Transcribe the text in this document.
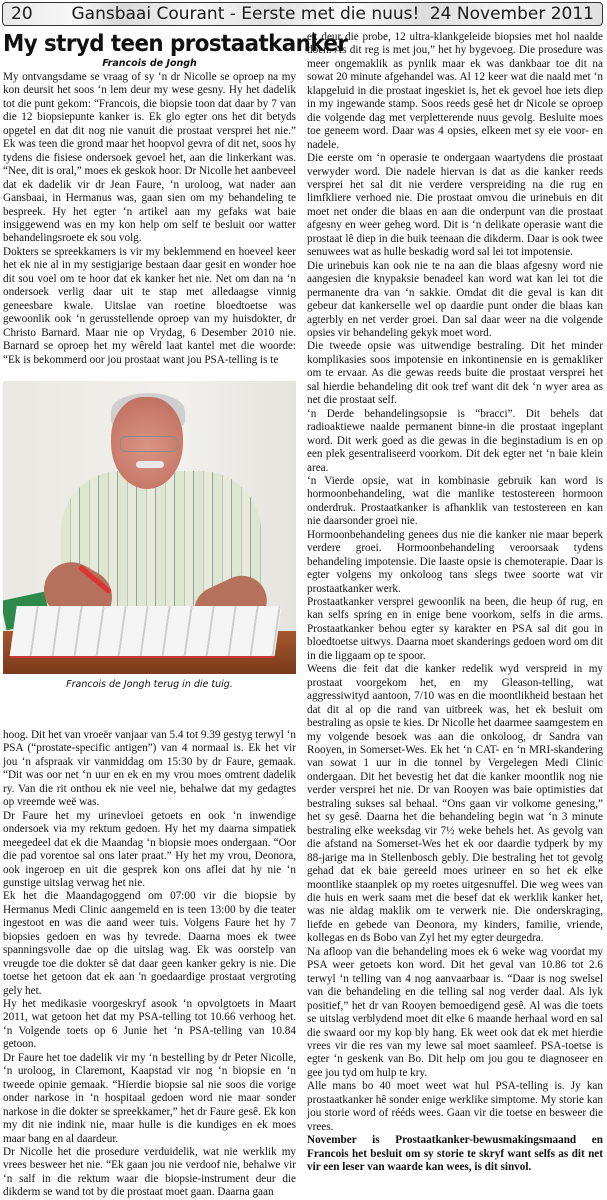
20	Gansbaai Courant - Eerste met die nuus! 24 November 2011
My stryd teen prostaatkanker
Francois de Jongh

My ontvangsdame se vraag of sy ‘n dr Nicolle se oproep na my kon deursit het soos ‘n lem deur my wese gesny. Hy het dadelik tot die punt gekom: “Francois, die biopsie toon dat daar by 7 van die 12 biopsiepunte kanker is. Ek glo egter ons het dit betyds opgetel en dat dit nog nie vanuit die prostaat versprei het nie.” Ek was teen die grond maar het hoopvol gevra of dit net, soos hy tydens die fisiese ondersoek gevoel het, aan die linkerkant was. “Nee, dit is oral,” moes ek geskok hoor. Dr Nicolle het aanbeveel dat ek dadelik vir dr Jean Faure, ‘n uroloog, wat nader aan Gansbaai, in Hermanus was, gaan sien om my behandeling te bespreek. Hy het egter ‘n artikel aan my gefaks wat baie insiggewend was en my kon help om self te besluit oor watter behandelingsroete ek sou volg.

Dokters se spreekkamers is vir my beklemmend en hoeveel keer het ek nie al in my sestigjarige bestaan daar gesit en wonder hoe dit sou voel om te hoor dat ek kanker het nie. Net om dan na ‘n ondersoek verlig daar uit te stap met alledaagse vinnig geneesbare kwale. Uitslae van roetine bloedtoetse was gewoonlik ook ‘n gerusstellende oproep van my huisdokter, dr Christo Barnard. Maar nie op Vrydag, 6 Desember 2010 nie. Barnard se oproep het my wêreld laat kantel met die woorde: “Ek is bekommerd oor jou prostaat want jou PSA-telling is te

Francois de Jongh terug in die tuig.

hoog. Dit het van vroeër vanjaar van 5.4 tot 9.39 gestyg terwyl ‘n PSA (“prostate-specific antigen”) van 4 normaal is. Ek het vir jou ‘n afspraak vir vanmiddag om 15:30 by dr Faure, gemaak. “Dit was oor net ‘n uur en ek en my vrou moes omtrent dadelik ry. Van die rit onthou ek nie veel nie, behalwe dat my gedagtes op vreemde weë was.

Dr Faure het my urinevloei getoets en ook ‘n inwendige ondersoek via my rektum gedoen. Hy het my daarna simpatiek meegedeel dat ek die Maandag ‘n biopsie moes ondergaan. “Oor die pad vorentoe sal ons later praat.” Hy het my vrou, Deonora, ook ingeroep en uit die gesprek kon ons aflei dat hy nie ‘n gunstige uitslag verwag het nie.

Ek het die Maandagoggend om 07:00 vir die biopsie by Hermanus Medi Clinic aangemeld en is teen 13:00 by die teater ingestoot en was die aand weer tuis. Volgens Faure het hy 7 biopsies gedoen en was hy tevrede. Daarna moes ek twee spanningsvolle dae op die uitslag wag. Ek was oorstelp van vreugde toe die dokter sê dat daar geen kanker gekry is nie. Die toetse het getoon dat ek aan 'n goedaardige prostaat vergroting gely het.

Hy het medikasie voorgeskryf asook ‘n opvolgtoets in Maart 2011, wat getoon het dat my PSA-telling tot 10.66 verhoog het. ‘n Volgende toets op 6 Junie het ‘n PSA-telling van 10.84 getoon.

Dr Faure het toe dadelik vir my ‘n bestelling by dr Peter Nicolle, ‘n uroloog, in Claremont, Kaapstad vir nog ‘n biopsie en ‘n tweede opinie gemaak. “Hierdie biopsie sal nie soos die vorige onder narkose in ‘n hospitaal gedoen word nie maar sonder narkose in die dokter se spreekkamer,” het dr Faure gesê. Ek kon my dit nie indink nie, maar hulle is die kundiges en ek moes maar bang en al daardeur.

Dr Nicolle het die prosedure verduidelik, wat nie werklik my vrees besweer het nie. “Ek gaan jou nie verdoof nie, behalwe vir ‘n salf in die rektum waar die biopsie-instrument deur die dikderm se wand tot by die prostaat moet gaan. Daarna gaan

ek deur die probe, 12 ultra-klankgeleide biopsies met hol naalde doen. As dit reg is met jou,” het hy bygevoeg. Die prosedure was meer ongemaklik as pynlik maar ek was dankbaar toe dit na sowat 20 minute afgehandel was. Al 12 keer wat die naald met ‘n klapgeluid in die prostaat ingeskiet is, het ek gevoel hoe iets diep in my ingewande stamp. Soos reeds gesê het dr Nicole se oproep die volgende dag met verpletterende nuus gevolg. Besluite moes toe geneem word. Daar was 4 opsies, elkeen met sy eie voor- en nadele.

Die eerste om ‘n operasie te ondergaan waartydens die prostaat verwyder word. Die nadele hiervan is dat as die kanker reeds versprei het sal dit nie verdere verspreiding na die rug en limfkliere verhoed nie. Die prostaat omvou die urinebuis en dit moet net onder die blaas en aan die onderpunt van die prostaat afgesny en weer geheg word. Dit is ‘n delikate operasie want die prostaat lê diep in die buik teenaan die dikderm. Daar is ook twee senuwees wat as hulle beskadig word sal lei tot impotensie.

Die urinebuis kan ook nie te na aan die blaas afgesny word nie aangesien die knypaksie benadeel kan word wat kan lei tot die permanente dra van ‘n sakkie. Omdat dit die geval is kan dit gebeur dat kankerselle wel op daardie punt onder die blaas kan agterbly en net verder groei. Dan sal daar weer na die volgende opsies vir behandeling gekyk moet word.

Die tweede opsie was uitwendige bestraling. Dit het minder komplikasies soos impotensie en inkontinensie en is gemakliker om te ervaar. As die gewas reeds buite die prostaat versprei het sal hierdie behandeling dit ook tref want dit dek ‘n wyer area as net die prostaat self.

‘n Derde behandelingsopsie is “bracci”. Dit behels dat radioaktiewe naalde permanent binne-in die prostaat ingeplant word. Dit werk goed as die gewas in die beginstadium is en op een plek gesentraliseerd voorkom. Dit dek egter net ‘n baie klein area.

‘n Vierde opsie, wat in kombinasie gebruik kan word is hormoonbehandeling, wat die manlike testostereen hormoon onderdruk. Prostaatkanker is afhanklik van testostereen en kan nie daarsonder groei nie.

Hormoonbehandeling genees dus nie die kanker nie maar beperk verdere groei. Hormoonbehandeling veroorsaak tydens behandeling impotensie. Die laaste opsie is chemoterapie. Daar is egter volgens my onkoloog tans slegs twee soorte wat vir prostaatkanker werk.

Prostaatkanker versprei gewoonlik na been, die heup óf rug, en kan selfs spring en in enige bene voorkom, selfs in die arms. Prostaatkanker behou egter sy karakter en PSA sal dit gou in bloedtoetse uitwys. Daarna moet skanderings gedoen word om dit in die liggaam op te spoor.

Weens die feit dat die kanker redelik wyd verspreid in my prostaat voorgekom het, en my Gleason-telling, wat aggressiwityd aantoon, 7/10 was en die moontlikheid bestaan het dat dit al op die rand van uitbreek was, het ek besluit om bestraling as opsie te kies. Dr Nicolle het daarmee saamgestem en my volgende besoek was aan die onkoloog, dr Sandra van Rooyen, in Somerset-Wes. Ek het ‘n CAT- en ‘n MRI-skandering van sowat 1 uur in die tonnel by Vergelegen Medi Clinic ondergaan. Dit het bevestig het dat die kanker moontlik nog nie verder versprei het nie. Dr van Rooyen was baie optimisties dat bestraling sukses sal behaal. “Ons gaan vir volkome genesing,” het sy gesê. Daarna het die behandeling begin wat ‘n 3 minute bestraling elke weeksdag vir 7½ weke behels het. As gevolg van die afstand na Somerset-Wes het ek oor daardie tydperk by my 88-jarige ma in Stellenbosch gebly. Die bestraling het tot gevolg gehad dat ek baie gereeld moes urineer en so het ek elke moontlike staanplek op my roetes uitgesnuffel. Die weg wees van die huis en werk saam met die besef dat ek werklik kanker het, was nie aldag maklik om te verwerk nie. Die onderskraging, liefde en gebede van Deonora, my kinders, familie, vriende, kollegas en ds Bobo van Zyl het my egter deurgedra.

Na afloop van die behandeling moes ek 6 weke wag voordat my PSA weer getoets kon word. Dit het geval van 10.86 tot 2.6 terwyl ‘n telling van 4 nog aanvaarbaar is. “Daar is nog swelsel van die behandeling en die telling sal nog verder daal. Als lyk positief,” het dr van Rooyen bemoedigend gesê. Al was die toets se uitslag verblydend moet dit elke 6 maande herhaal word en sal die swaard oor my kop bly hang. Ek weet ook dat ek met hierdie vrees vir die res van my lewe sal moet saamleef. PSA-toetse is egter ‘n geskenk van Bo. Dit help om jou gou te diagnoseer en gee jou tyd om hulp te kry.

Alle mans bo 40 moet weet wat hul PSA-telling is. Jy kan prostaatkanker hê sonder enige werklike simptome. My storie kan jou storie word of rééds wees. Gaan vir die toetse en besweer die vrees.

November is Prostaatkanker-bewusmakingsmaand en Francois het besluit om sy storie te skryf want selfs as dit net vir een leser van waarde kan wees, is dit sinvol.
